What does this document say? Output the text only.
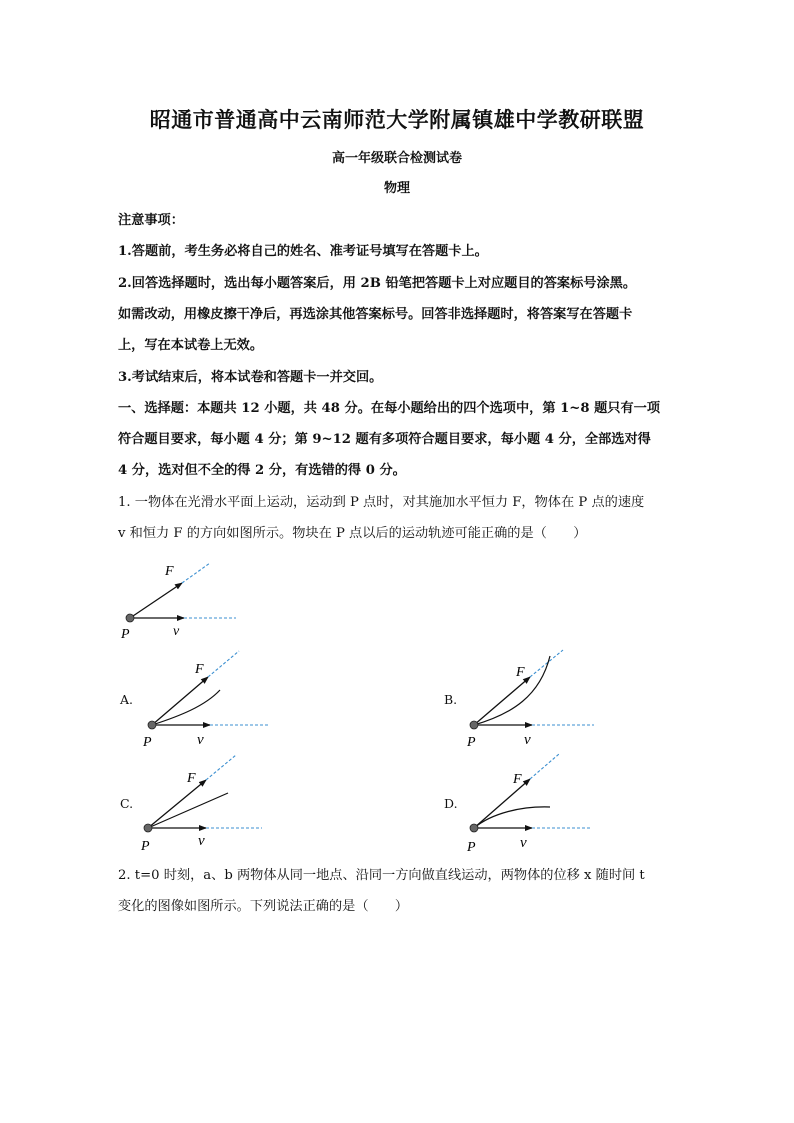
昭通市普通高中云南师范大学附属镇雄中学教研联盟
高一年级联合检测试卷
物理
注意事项：
1.答题前，考生务必将自己的姓名、准考证号填写在答题卡上。
2.回答选择题时，选出每小题答案后，用 2B 铅笔把答题卡上对应题目的答案标号涂黑。
如需改动，用橡皮擦干净后，再选涂其他答案标号。回答非选择题时，将答案写在答题卡
上，写在本试卷上无效。
3.考试结束后，将本试卷和答题卡一并交回。
一、选择题：本题共 12 小题，共 48 分。在每小题给出的四个选项中，第 1~8 题只有一项
符合题目要求，每小题 4 分；第 9~12 题有多项符合题目要求，每小题 4 分，全部选对得
4 分，选对但不全的得 2 分，有选错的得 0 分。
1. 一物体在光滑水平面上运动，运动到 P 点时，对其施加水平恒力 F，物体在 P 点的速度
v 和恒力 F 的方向如图所示。物块在 P 点以后的运动轨迹可能正确的是（　　）
F
v
P
A.
F
v
P
B.
F
v
P
C.
F
v
P
D.
F
v
P
2. t=0 时刻，a、b 两物体从同一地点、沿同一方向做直线运动，两物体的位移 x 随时间 t
变化的图像如图所示。下列说法正确的是（　　）
